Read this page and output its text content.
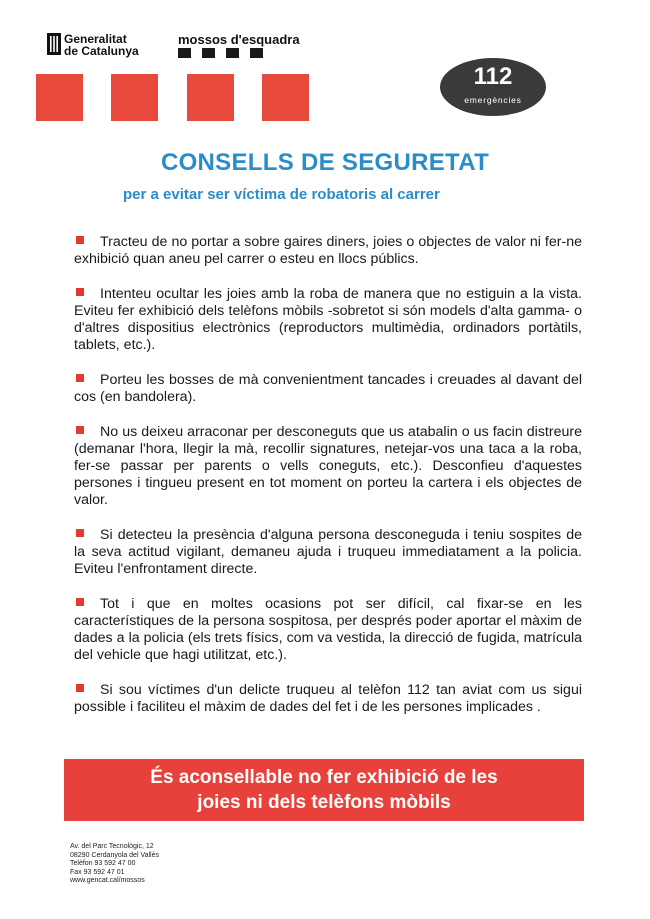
Generalitat
de Catalunya
mossos d'esquadra
112
emergències
CONSELLS DE SEGURETAT
per a evitar ser víctima de robatoris al carrer
Tracteu de no portar a sobre gaires diners, joies o objectes de valor ni fer-ne exhibició quan aneu pel carrer o esteu en llocs públics.
Intenteu ocultar les joies amb la roba de manera que no estiguin a la vista. Eviteu fer exhibició dels telèfons mòbils -sobretot si són models d'alta gamma- o d'altres dispositius electrònics (reproductors multimèdia, ordinadors portàtils, tablets, etc.).
Porteu les bosses de mà convenientment tancades i creuades al davant del cos (en bandolera).
No us deixeu arraconar per desconeguts que us atabalin o us facin distreure (demanar l'hora, llegir la mà, recollir signatures, netejar-vos una taca a la roba, fer-se passar per parents o vells coneguts, etc.). Desconfieu d'aquestes persones i tingueu present en tot moment on porteu la cartera i els objectes de valor.
Si detecteu la presència d'alguna persona desconeguda i teniu sospites de la seva actitud vigilant, demaneu ajuda i truqueu immediatament a la policia. Eviteu l'enfrontament directe.
Tot i que en moltes ocasions pot ser difícil, cal fixar-se en les característiques de la persona sospitosa, per després poder aportar el màxim de dades a la policia (els trets físics, com va vestida, la direcció de fugida, matrícula del vehicle que hagi utilitzat, etc.).
Si sou víctimes d'un delicte truqueu al telèfon 112 tan aviat com us sigui possible i faciliteu el màxim de dades del fet i de les persones implicades .
És aconsellable no fer exhibició de les
joies ni dels telèfons mòbils
Av. del Parc Tecnològic, 12
08290 Cerdanyola del Vallès
Telèfon 93 592 47 00
Fax 93 592 47 01
www.gencat.cal/mossos
